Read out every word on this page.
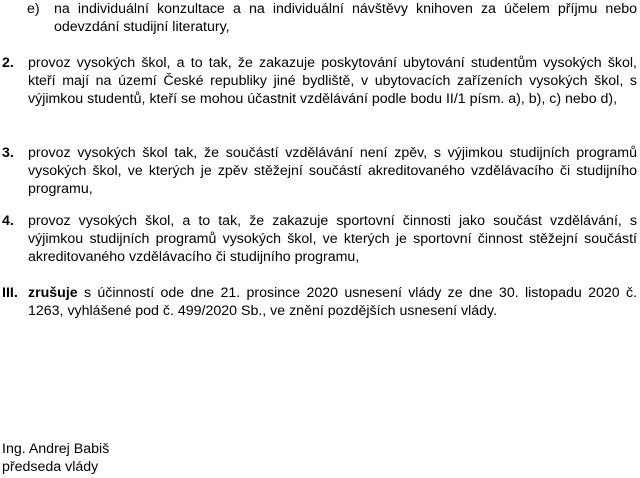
e) na individuální konzultace a na individuální návštěvy knihoven za účelem příjmu nebo odevzdání studijní literatury,
2. provoz vysokých škol, a to tak, že zakazuje poskytování ubytování studentům vysokých škol, kteří mají na území České republiky jiné bydliště, v ubytovacích zařízeních vysokých škol, s výjimkou studentů, kteří se mohou účastnit vzdělávání podle bodu II/1 písm. a), b), c) nebo d),
3. provoz vysokých škol tak, že součástí vzdělávání není zpěv, s výjimkou studijních programů vysokých škol, ve kterých je zpěv stěžejní součástí akreditovaného vzdělávacího či studijního programu,
4. provoz vysokých škol, a to tak, že zakazuje sportovní činnosti jako součást vzdělávání, s výjimkou studijních programů vysokých škol, ve kterých je sportovní činnost stěžejní součástí akreditovaného vzdělávacího či studijního programu,
III. zrušuje s účinností ode dne 21. prosince 2020 usnesení vlády ze dne 30. listopadu 2020 č. 1263, vyhlášené pod č. 499/2020 Sb., ve znění pozdějších usnesení vlády.
Ing. Andrej Babiš
předseda vlády
